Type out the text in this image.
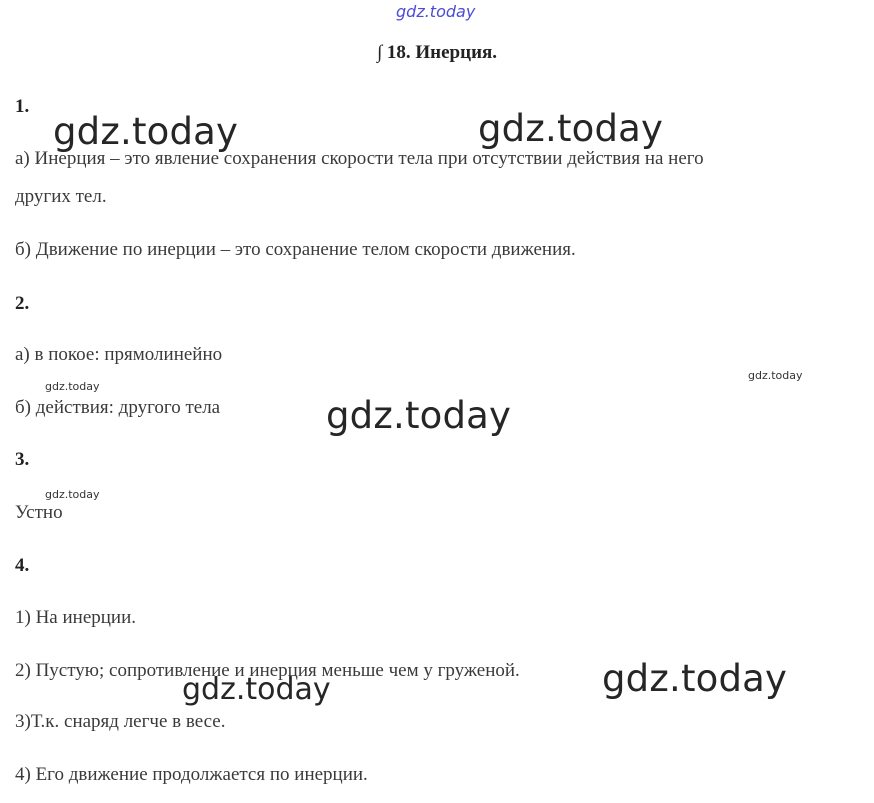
gdz.today
∫ 18. Инерция.
1.
а) Инерция – это явление сохранения скорости тела при отсутствии действия на него
других тел.
б) Движение по инерции – это сохранение телом скорости движения.
2.
а) в покое: прямолинейно
б) действия: другого тела
3.
Устно
4.
1) На инерции.
2) Пустую; сопротивление и инерция меньше чем у груженой.
3)Т.к. снаряд легче в весе.
4) Его движение продолжается по инерции.
gdz.today	gdz.today
gdz.today
gdz.today
gdz.today
gdz.today
gdz.today
gdz.today
